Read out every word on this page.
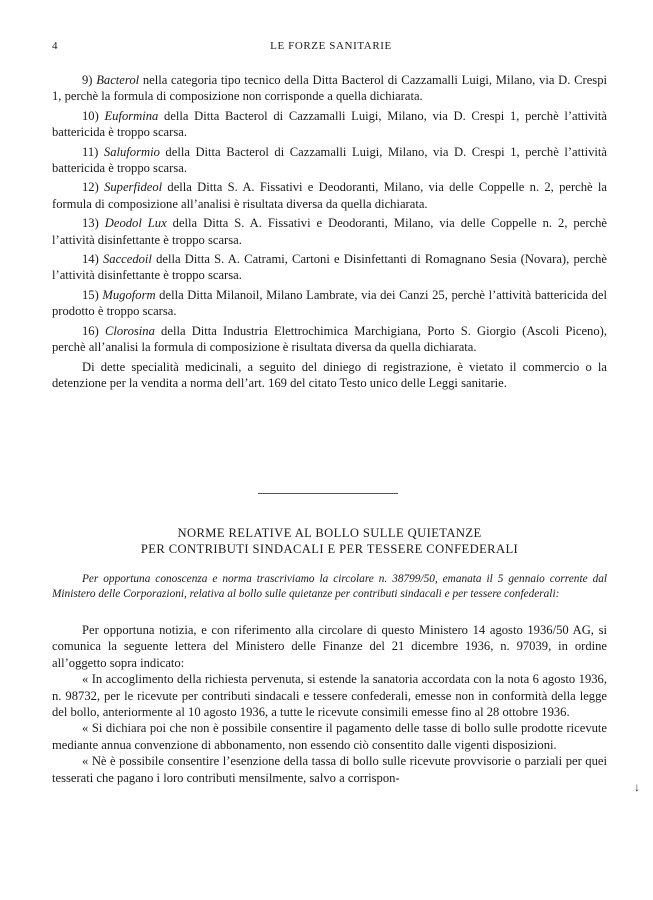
4	LE FORZE SANITARIE

9) Bacterol nella categoria tipo tecnico della Ditta Bacterol di Cazzamalli Luigi, Milano, via D. Crespi 1, perchè la formula di composizione non corrisponde a quella dichiarata.

10) Euformina della Ditta Bacterol di Cazzamalli Luigi, Milano, via D. Crespi 1, perchè l’attività battericida è troppo scarsa.

11) Saluformio della Ditta Bacterol di Cazzamalli Luigi, Milano, via D. Crespi 1, perchè l’attività battericida è troppo scarsa.

12) Superfideol della Ditta S. A. Fissativi e Deodoranti, Milano, via delle Coppelle n. 2, perchè la formula di composizione all’analisi è risultata diversa da quella dichiarata.

13) Deodol Lux della Ditta S. A. Fissativi e Deodoranti, Milano, via delle Coppelle n. 2, perchè l’attività disinfettante è troppo scarsa.

14) Saccedoil della Ditta S. A. Catrami, Cartoni e Disinfettanti di Romagnano Sesia (Novara), perchè l’attività disinfettante è troppo scarsa.

15) Mugoform della Ditta Milanoil, Milano Lambrate, via dei Canzi 25, perchè l’attività battericida del prodotto è troppo scarsa.

16) Clorosina della Ditta Industria Elettrochimica Marchigiana, Porto S. Giorgio (Ascoli Piceno), perchè all’analisi la formula di composizione è risultata diversa da quella dichiarata.

Di dette specialità medicinali, a seguito del diniego di registrazione, è vietato il commercio o la detenzione per la vendita a norma dell’art. 169 del citato Testo unico delle Leggi sanitarie.

NORME RELATIVE AL BOLLO SULLE QUIETANZE
PER CONTRIBUTI SINDACALI E PER TESSERE CONFEDERALI

Per opportuna conoscenza e norma trascriviamo la circolare n. 38799/50, emanata il 5 gennaio corrente dal Ministero delle Corporazioni, relativa al bollo sulle quietanze per contributi sindacali e per tessere confederali:

Per opportuna notizia, e con riferimento alla circolare di questo Ministero 14 agosto 1936/50 AG, si comunica la seguente lettera del Ministero delle Finanze del 21 dicembre 1936, n. 97039, in ordine all’oggetto sopra indicato:

« In accoglimento della richiesta pervenuta, si estende la sanatoria accordata con la nota 6 agosto 1936, n. 98732, per le ricevute per contributi sindacali e tessere confederali, emesse non in conformità della legge del bollo, anteriormente al 10 agosto 1936, a tutte le ricevute consimili emesse fino al 28 ottobre 1936.

« Si dichiara poi che non è possibile consentire il pagamento delle tasse di bollo sulle prodotte ricevute mediante annua convenzione di abbonamento, non essendo ciò consentito dalle vigenti disposizioni.

« Nè è possibile consentire l’esenzione della tassa di bollo sulle ricevute provvisorie o parziali per quei tesserati che pagano i loro contributi mensilmente, salvo a corrispon-

↓
